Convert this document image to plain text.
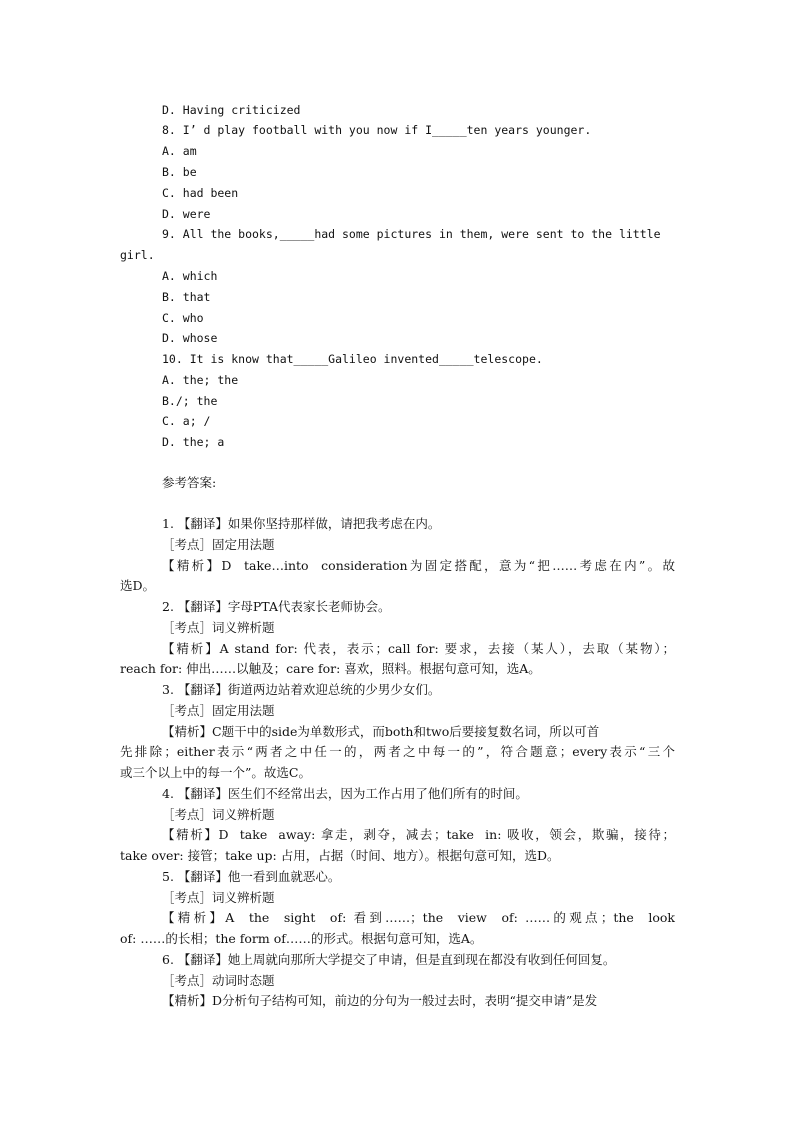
D. Having criticized
8. I’ d play football with you now if I_____ten years younger.
A. am
B. be
C. had been
D. were
9. All the books,_____had some pictures in them, were sent to the little
girl.
A. which
B. that
C. who
D. whose
10. It is know that_____Galileo invented_____telescope.
A. the; the
B./; the
C. a; /
D. the; a
参考答案:
1. 【翻译】如果你坚持那样做，请把我考虑在内。
［考点］固定用法题
【精析】D  take…into  consideration为固定搭配，意为“把……考虑在内”。故
选D。
2. 【翻译】字母PTA代表家长老师协会。
［考点］词义辨析题
【精析】A stand for: 代表，表示；call for: 要求，去接（某人），去取（某物）；
reach for: 伸出……以触及；care for: 喜欢，照料。根据句意可知，选A。
3. 【翻译】街道两边站着欢迎总统的少男少女们。
［考点］固定用法题
【精析】C题干中的side为单数形式，而both和two后要接复数名词，所以可首
先排除；either表示“两者之中任一的，两者之中每一的”，符合题意；every表示“三个
或三个以上中的每一个”。故选C。
4. 【翻译】医生们不经常出去，因为工作占用了他们所有的时间。
［考点］词义辨析题
【精析】D  take  away: 拿走，剥夺，减去；take  in: 吸收，领会，欺骗，接待；
take over: 接管；take up: 占用，占据（时间、地方）。根据句意可知，选D。
5. 【翻译】他一看到血就恶心。
［考点］词义辨析题
【精析】A  the  sight  of: 看到……；the  view  of: ……的观点；the  look
of: ……的长相；the form of……的形式。根据句意可知，选A。
6. 【翻译】她上周就向那所大学提交了申请，但是直到现在都没有收到任何回复。
［考点］动词时态题
【精析】D分析句子结构可知，前边的分句为一般过去时，表明“提交申请”是发
